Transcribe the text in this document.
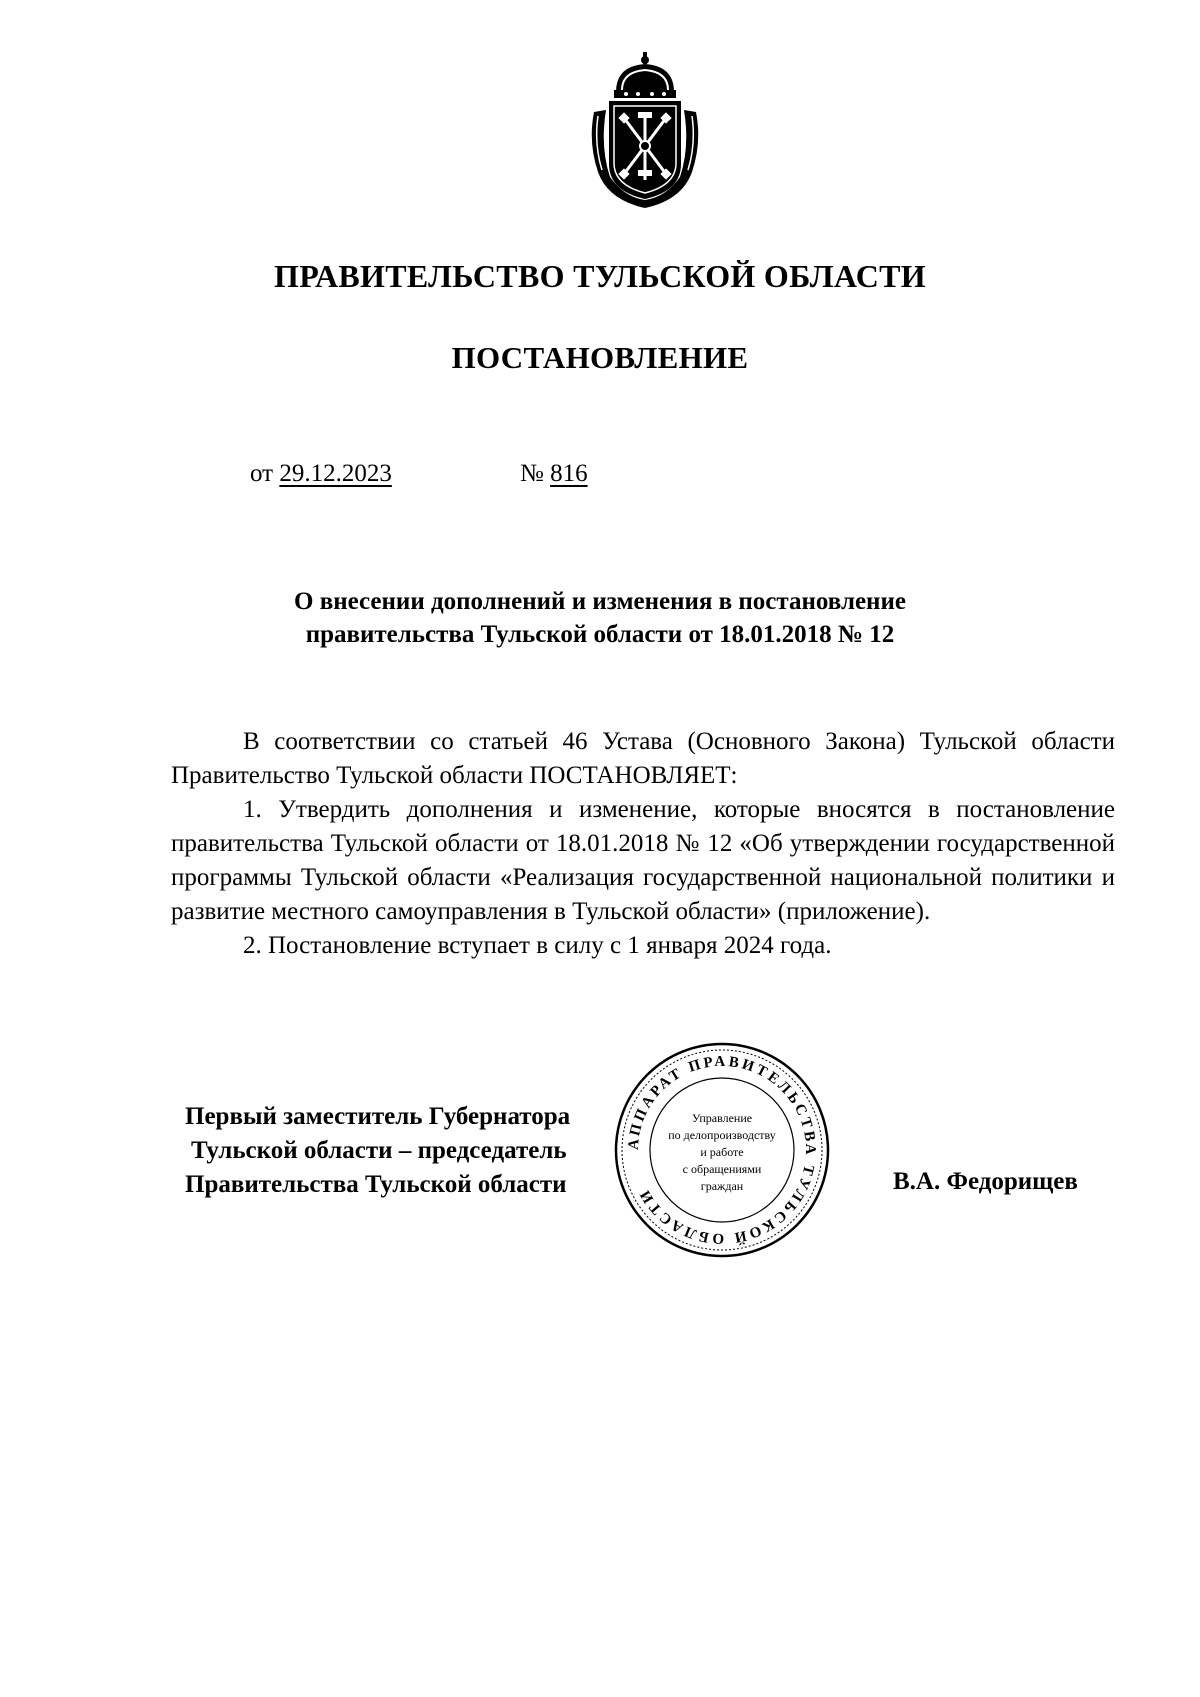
ПРАВИТЕЛЬСТВО ТУЛЬСКОЙ ОБЛАСТИ
ПОСТАНОВЛЕНИЕ
от 29.12.2023	№ 816
О внесении дополнений и изменения в постановление
правительства Тульской области от 18.01.2018 № 12

В соответствии со статьей 46 Устава (Основного Закона) Тульской области Правительство Тульской области ПОСТАНОВЛЯЕТ:

1. Утвердить дополнения и изменение, которые вносятся в постановление правительства Тульской области от 18.01.2018 № 12 «Об утверждении государственной программы Тульской области «Реализация государственной национальной политики и развитие местного самоуправления в Тульской области» (приложение).

2. Постановление вступает в силу с 1 января 2024 года.

Первый заместитель Губернатора
Тульской области – председатель
Правительства Тульской области	В.А. Федорищев
АППАРАТ ПРАВИТЕЛЬСТВА ТУЛЬСКОЙ ОБЛАСТИ
Управление
по делопроизводству
и работе
с обращениями
граждан
